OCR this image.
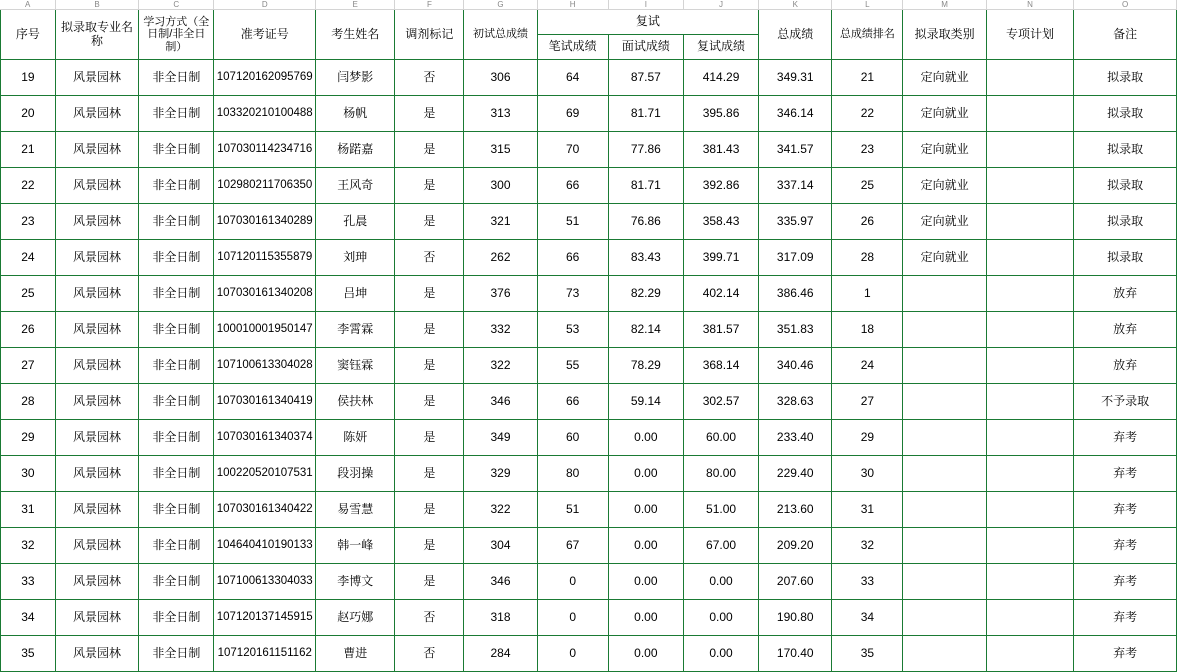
A	B	C	D	E	F	G	H	I	J	K	L	M	N	O

序号	拟录取专业名称	学习方式（全日制/非全日制）	准考证号	考生姓名	调剂标记	初试总成绩	复试			总成绩	总成绩排名	拟录取类别	专项计划	备注

							笔试成绩	面试成绩	复试成绩					

19	风景园林	非全日制	107120162095769	闫梦影	否	306	64	87.57	414.29	349.31	21	定向就业		拟录取
20	风景园林	非全日制	103320210100488	杨帆	是	313	69	81.71	395.86	346.14	22	定向就业		拟录取
21	风景园林	非全日制	107030114234716	杨蹃嘉	是	315	70	77.86	381.43	341.57	23	定向就业		拟录取
22	风景园林	非全日制	102980211706350	王风奇	是	300	66	81.71	392.86	337.14	25	定向就业		拟录取
23	风景园林	非全日制	107030161340289	孔晨	是	321	51	76.86	358.43	335.97	26	定向就业		拟录取
24	风景园林	非全日制	107120115355879	刘珅	否	262	66	83.43	399.71	317.09	28	定向就业		拟录取
25	风景园林	非全日制	107030161340208	吕坤	是	376	73	82.29	402.14	386.46	1			放弃
26	风景园林	非全日制	100010001950147	李霄霖	是	332	53	82.14	381.57	351.83	18			放弃
27	风景园林	非全日制	107100613304028	窦钰霖	是	322	55	78.29	368.14	340.46	24			放弃
28	风景园林	非全日制	107030161340419	侯扶林	是	346	66	59.14	302.57	328.63	27			不予录取
29	风景园林	非全日制	107030161340374	陈妍	是	349	60	0.00	60.00	233.40	29			弃考
30	风景园林	非全日制	100220520107531	段羽操	是	329	80	0.00	80.00	229.40	30			弃考
31	风景园林	非全日制	107030161340422	易雪慧	是	322	51	0.00	51.00	213.60	31			弃考
32	风景园林	非全日制	104640410190133	韩一峰	是	304	67	0.00	67.00	209.20	32			弃考
33	风景园林	非全日制	107100613304033	李博文	是	346	0	0.00	0.00	207.60	33			弃考
34	风景园林	非全日制	107120137145915	赵巧娜	否	318	0	0.00	0.00	190.80	34			弃考
35	风景园林	非全日制	107120161151162	曹进	否	284	0	0.00	0.00	170.40	35			弃考
